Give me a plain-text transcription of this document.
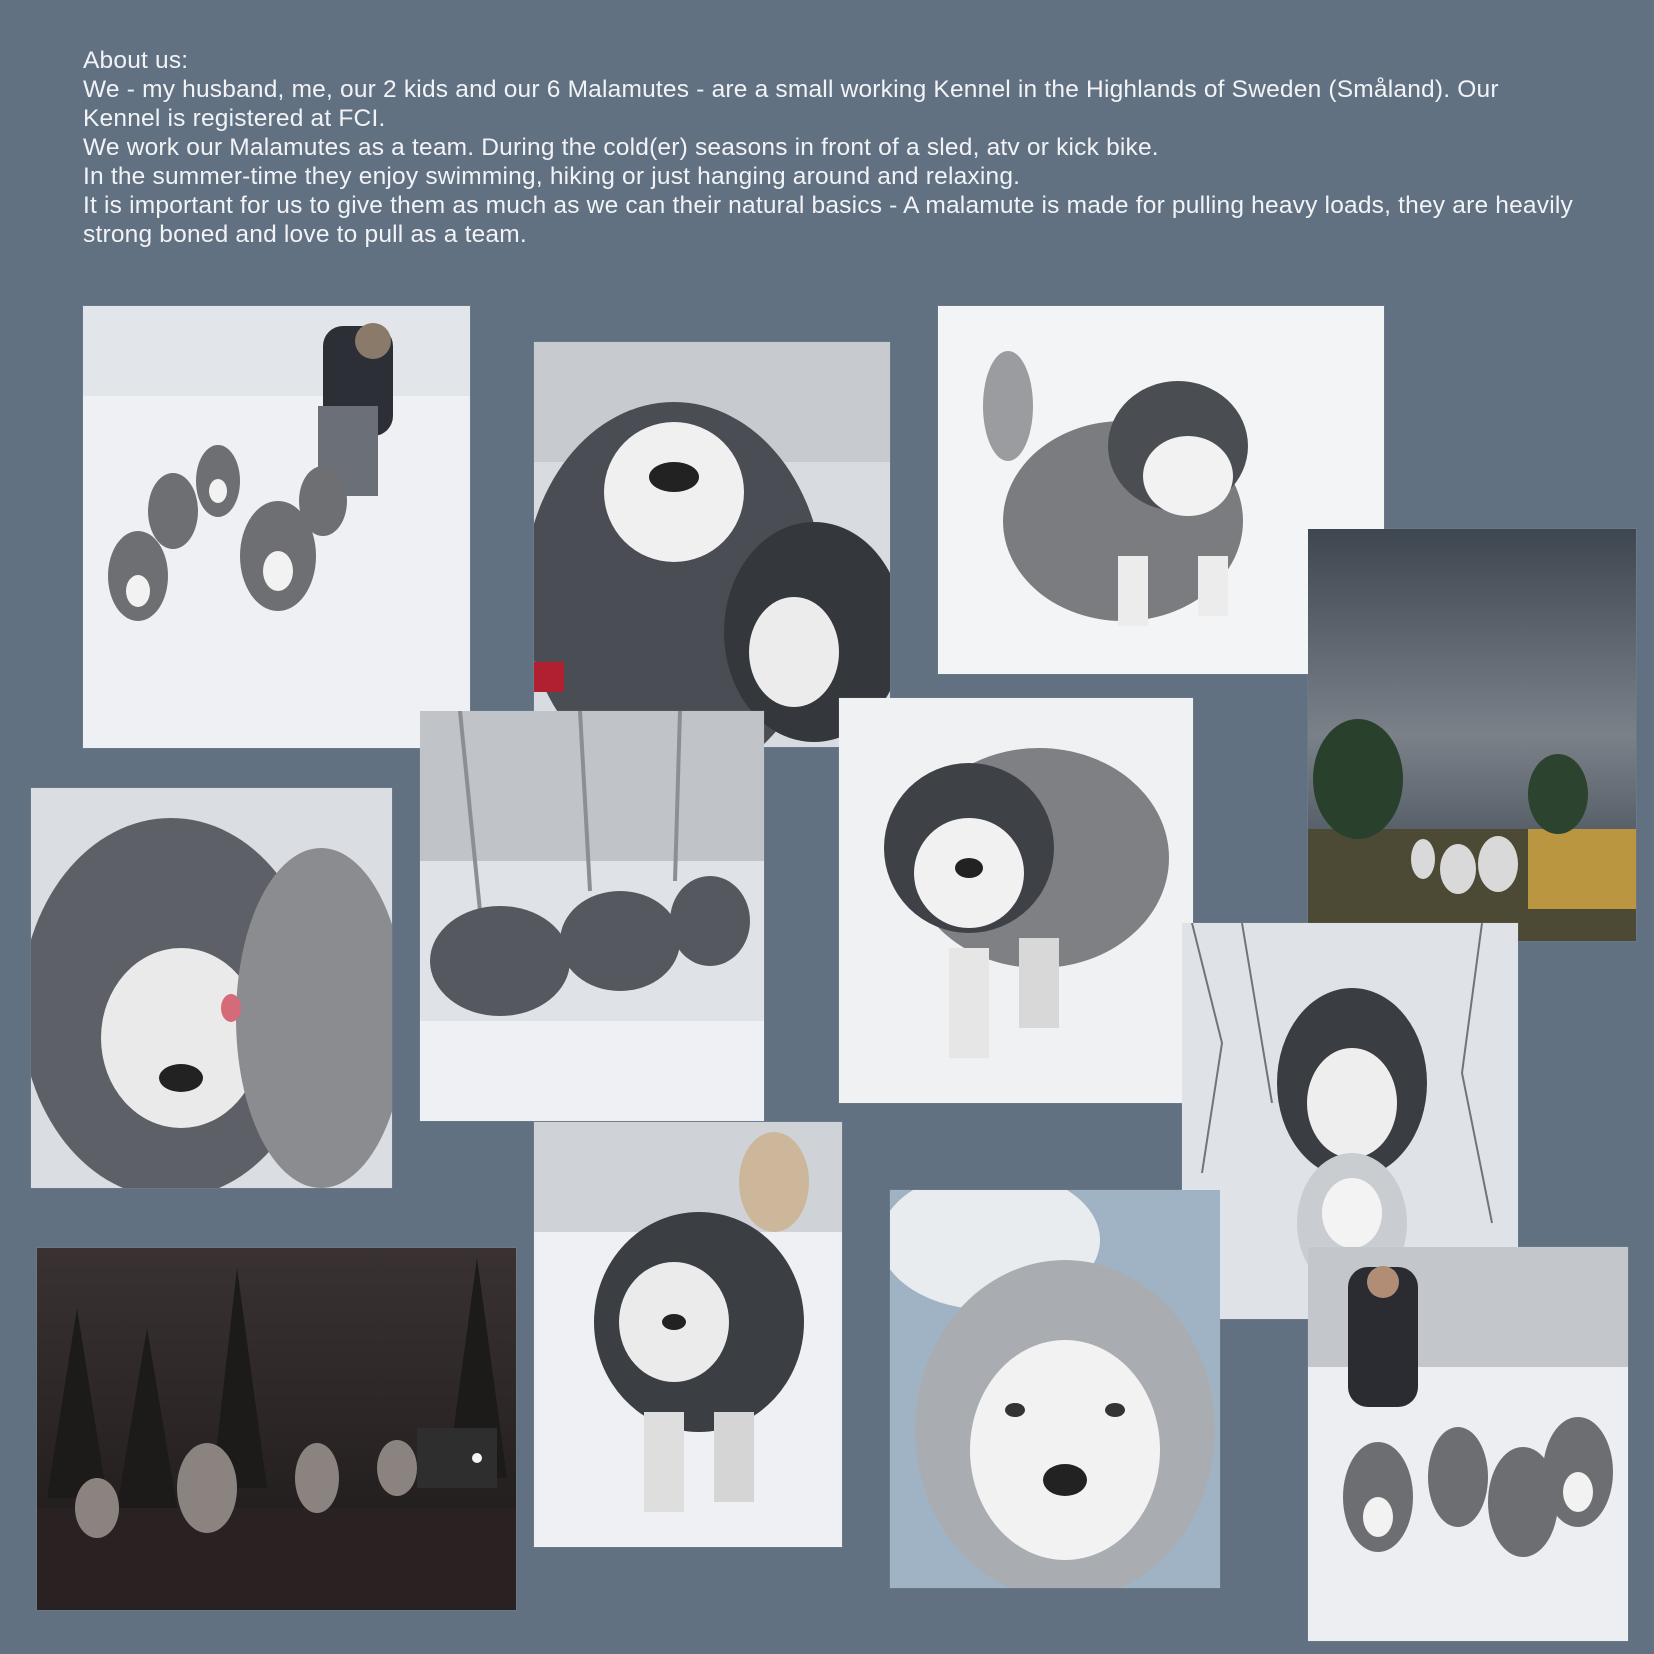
About us:

We - my husband, me, our 2 kids and our 6 Malamutes - are a small working Kennel in the Highlands of Sweden (Småland). Our Kennel is registered at FCI.

We work our Malamutes as a team. During the cold(er) seasons in front of a sled, atv or kick bike.

In the summer-time they enjoy swimming, hiking or just hanging around and relaxing.

It is important for us to give them as much as we can their natural basics - A malamute is made for pulling heavy loads, they are heavily strong boned and love to pull as a team.
